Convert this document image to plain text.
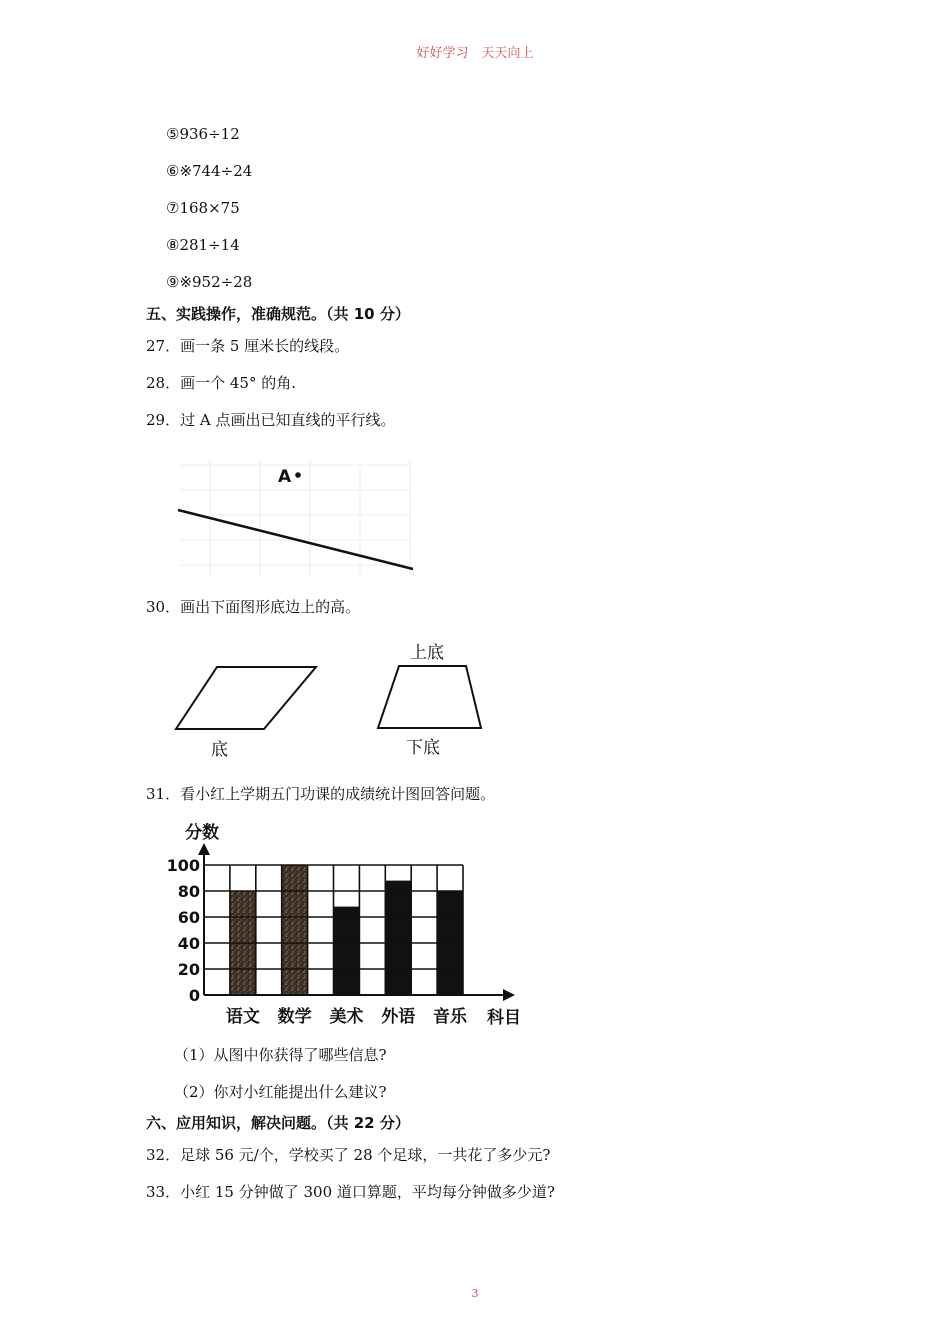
好好学习　天天向上
⑤936÷12
⑥※744÷24
⑦168×75
⑧281÷14
⑨※952÷28
五、实践操作，准确规范。（共 10 分）
27．画一条 5 厘米长的线段。
28．画一个 45° 的角.
29．过 A 点画出已知直线的平行线。
A
30．画出下面图形底边上的高。
底
上底
下底
31．看小红上学期五门功课的成绩统计图回答问题。
分数
科目
0
20
40
60
80
100
语文 数学 美术 外语 音乐
（1）从图中你获得了哪些信息?
（2）你对小红能提出什么建议?
六、应用知识，解决问题。（共 22 分）
32．足球 56 元/个，学校买了 28 个足球，一共花了多少元?
33．小红 15 分钟做了 300 道口算题，平均每分钟做多少道?
3
